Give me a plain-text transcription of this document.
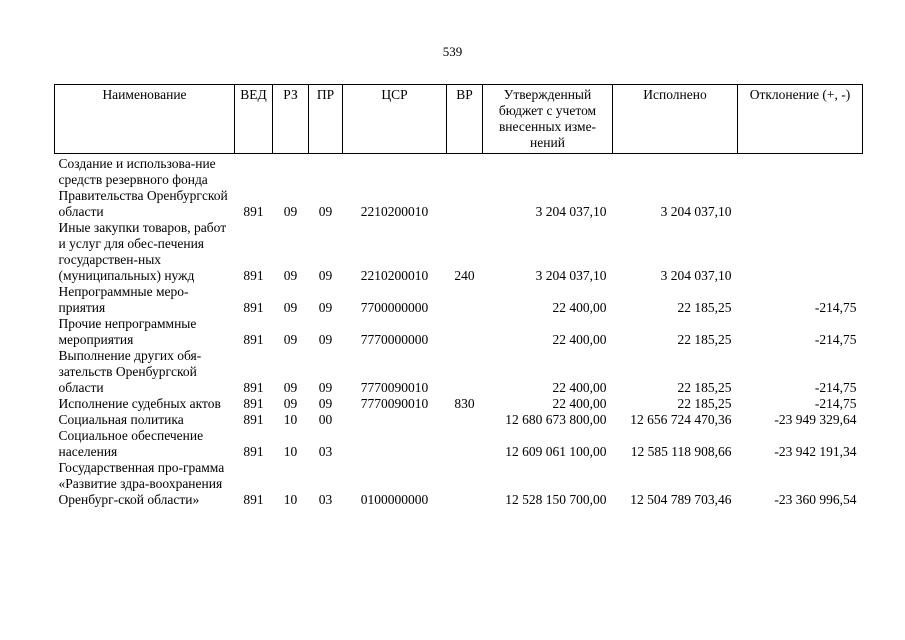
539
Наименование	ВЕД	РЗ	ПР	ЦСР	ВР	Утвержденный бюджет с учетом внесенных изме-нений	Исполнено	Отклонение (+, -)
Создание и использова-ние средств резервного фонда Правительства Оренбургской области	891	09	09	2210200010		3 204 037,10	3 204 037,10	
Иные закупки товаров, работ и услуг для обес-печения государствен-ных (муниципальных) нужд	891	09	09	2210200010	240	3 204 037,10	3 204 037,10	
Непрограммные меро-приятия	891	09	09	7700000000		22 400,00	22 185,25	-214,75
Прочие непрограммные мероприятия	891	09	09	7770000000		22 400,00	22 185,25	-214,75
Выполнение других обя-зательств Оренбургской области	891	09	09	7770090010		22 400,00	22 185,25	-214,75
Исполнение судебных актов	891	09	09	7770090010	830	22 400,00	22 185,25	-214,75
Социальная политика	891	10	00			12 680 673 800,00	12 656 724 470,36	-23 949 329,64
Социальное обеспечение населения	891	10	03			12 609 061 100,00	12 585 118 908,66	-23 942 191,34
Государственная про-грамма «Развитие здра-воохранения Оренбург-ской области»	891	10	03	0100000000		12 528 150 700,00	12 504 789 703,46	-23 360 996,54
